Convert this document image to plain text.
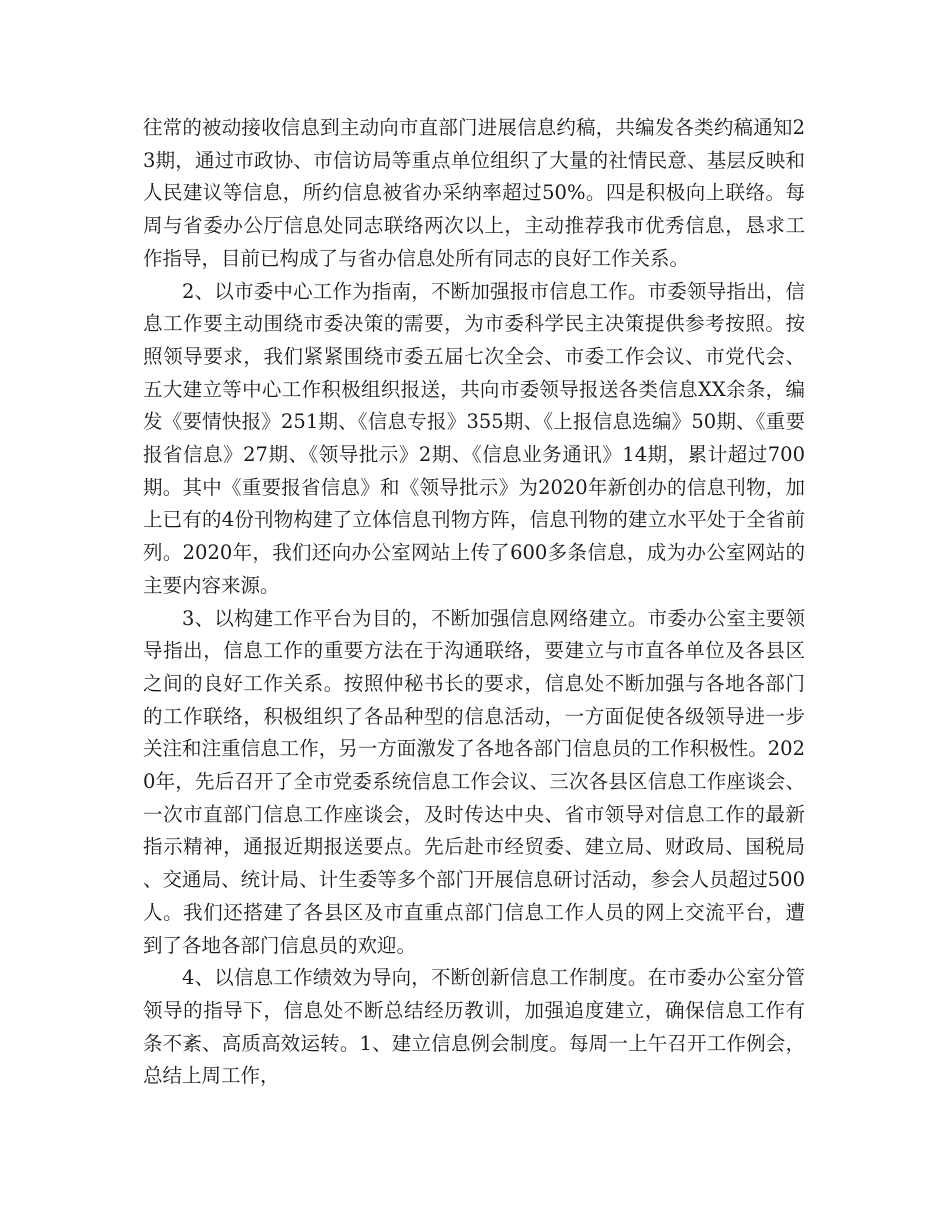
往常的被动接收信息到主动向市直部门进展信息约稿，共编发各类约稿通知23期，通过市政协、市信访局等重点单位组织了大量的社情民意、基层反映和人民建议等信息，所约信息被省办采纳率超过50%。四是积极向上联络。每周与省委办公厅信息处同志联络两次以上，主动推荐我市优秀信息，恳求工作指导，目前已构成了与省办信息处所有同志的良好工作关系。

2、以市委中心工作为指南，不断加强报市信息工作。市委领导指出，信息工作要主动围绕市委决策的需要，为市委科学民主决策提供参考按照。按照领导要求，我们紧紧围绕市委五届七次全会、市委工作会议、市党代会、五大建立等中心工作积极组织报送，共向市委领导报送各类信息XX余条，编发《要情快报》251期、《信息专报》355期、《上报信息选编》50期、《重要报省信息》27期、《领导批示》2期、《信息业务通讯》14期，累计超过700期。其中《重要报省信息》和《领导批示》为2020年新创办的信息刊物，加上已有的4份刊物构建了立体信息刊物方阵，信息刊物的建立水平处于全省前列。2020年，我们还向办公室网站上传了600多条信息，成为办公室网站的主要内容来源。

3、以构建工作平台为目的，不断加强信息网络建立。市委办公室主要领导指出，信息工作的重要方法在于沟通联络，要建立与市直各单位及各县区之间的良好工作关系。按照仲秘书长的要求，信息处不断加强与各地各部门的工作联络，积极组织了各品种型的信息活动，一方面促使各级领导进一步关注和注重信息工作，另一方面激发了各地各部门信息员的工作积极性。2020年，先后召开了全市党委系统信息工作会议、三次各县区信息工作座谈会、一次市直部门信息工作座谈会，及时传达中央、省市领导对信息工作的最新指示精神，通报近期报送要点。先后赴市经贸委、建立局、财政局、国税局、交通局、统计局、计生委等多个部门开展信息研讨活动，参会人员超过500人。我们还搭建了各县区及市直重点部门信息工作人员的网上交流平台，遭到了各地各部门信息员的欢迎。

4、以信息工作绩效为导向，不断创新信息工作制度。在市委办公室分管领导的指导下，信息处不断总结经历教训，加强追度建立，确保信息工作有条不紊、高质高效运转。1、建立信息例会制度。每周一上午召开工作例会，总结上周工作，
